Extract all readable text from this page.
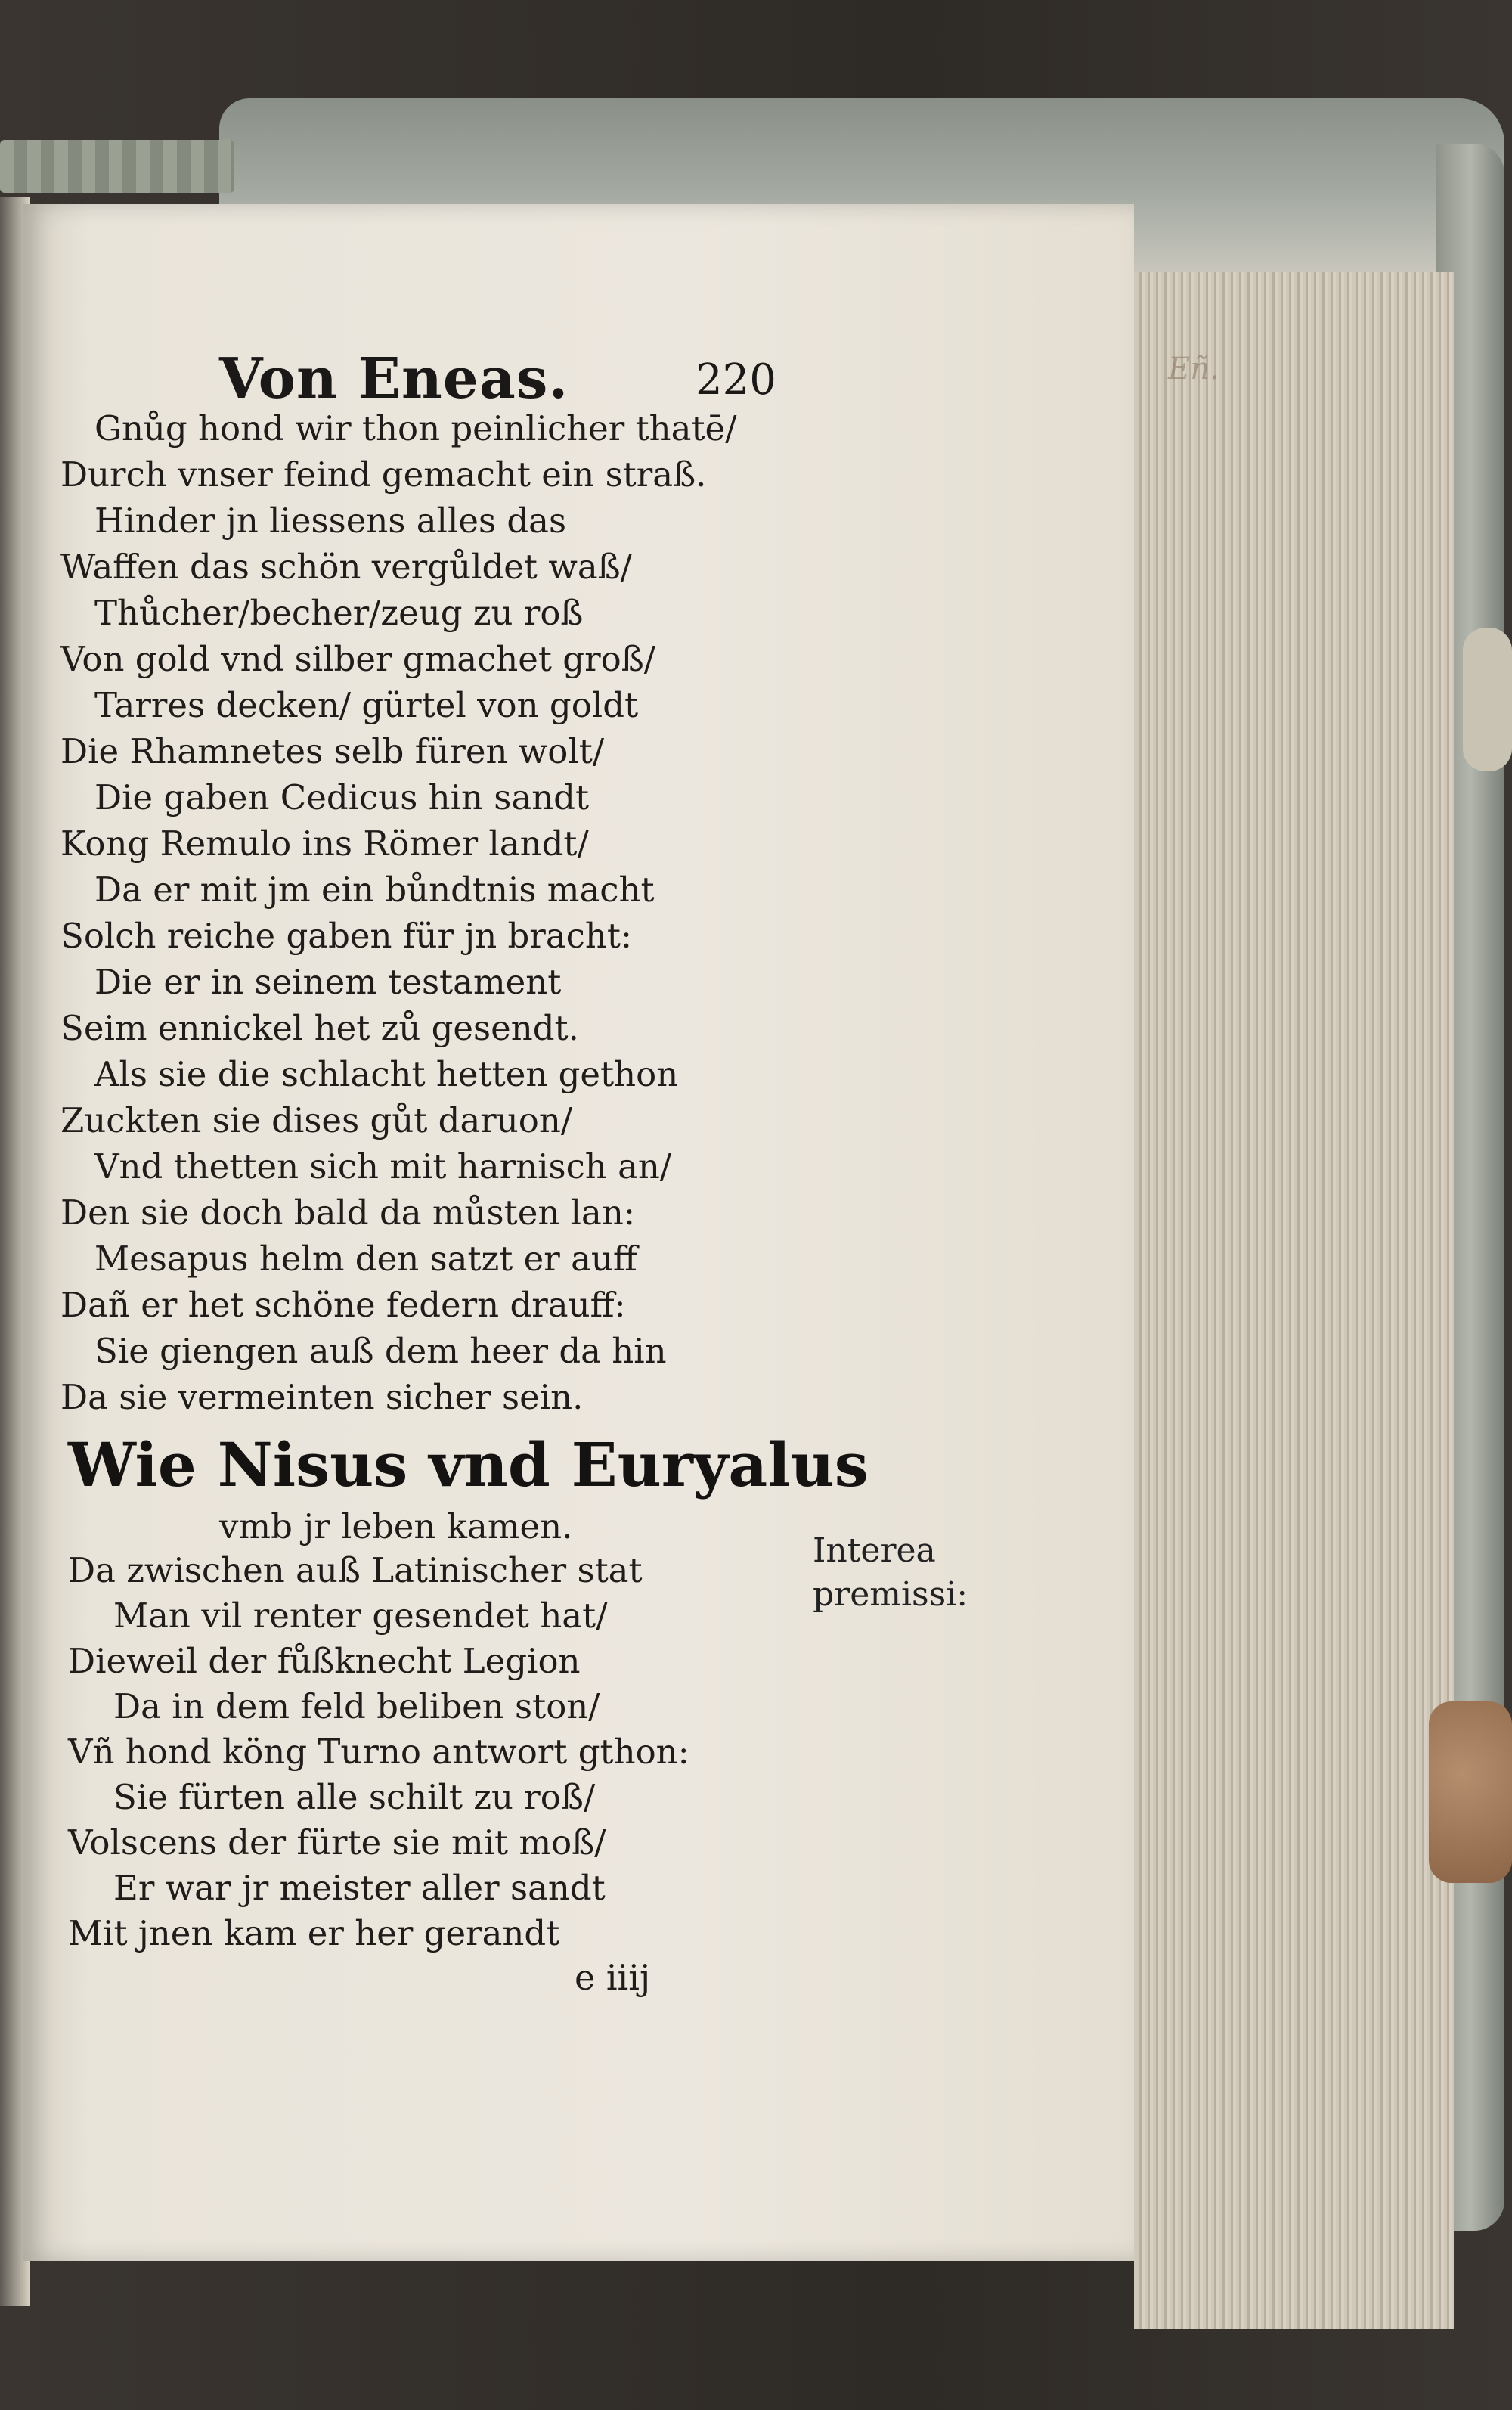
Eñ.
Von Eneas.	220
Gnůg hond wir thon peinlicher thatē/
Durch vnser feind gemacht ein straß.
Hinder jn liessens alles das
Waffen das schön vergůldet waß/
Thůcher/becher/zeug zu roß
Von gold vnd silber gmachet groß/
Tarres decken/ gürtel von goldt
Die Rhamnetes selb füren wolt/
Die gaben Cedicus hin sandt
Kong Remulo ins Römer landt/
Da er mit jm ein bůndtnis macht
Solch reiche gaben für jn bracht:
Die er in seinem testament
Seim ennickel het zů gesendt.
Als sie die schlacht hetten gethon
Zuckten sie dises gůt daruon/
Vnd thetten sich mit harnisch an/
Den sie doch bald da můsten lan:
Mesapus helm den satzt er auff
Dañ er het schöne federn drauff:
Sie giengen auß dem heer da hin
Da sie vermeinten sicher sein.
Wie Nisus vnd Euryalus
vmb jr leben kamen.
Da zwischen auß Latinischer stat
Man vil renter gesendet hat/
Dieweil der fůßknecht Legion
Da in dem feld beliben ston/
Vñ hond köng Turno antwort gthon:
Sie fürten alle schilt zu roß/
Volscens der fürte sie mit moß/
Er war jr meister aller sandt
Mit jnen kam er her gerandt
Interea
premissi:
e iiij
